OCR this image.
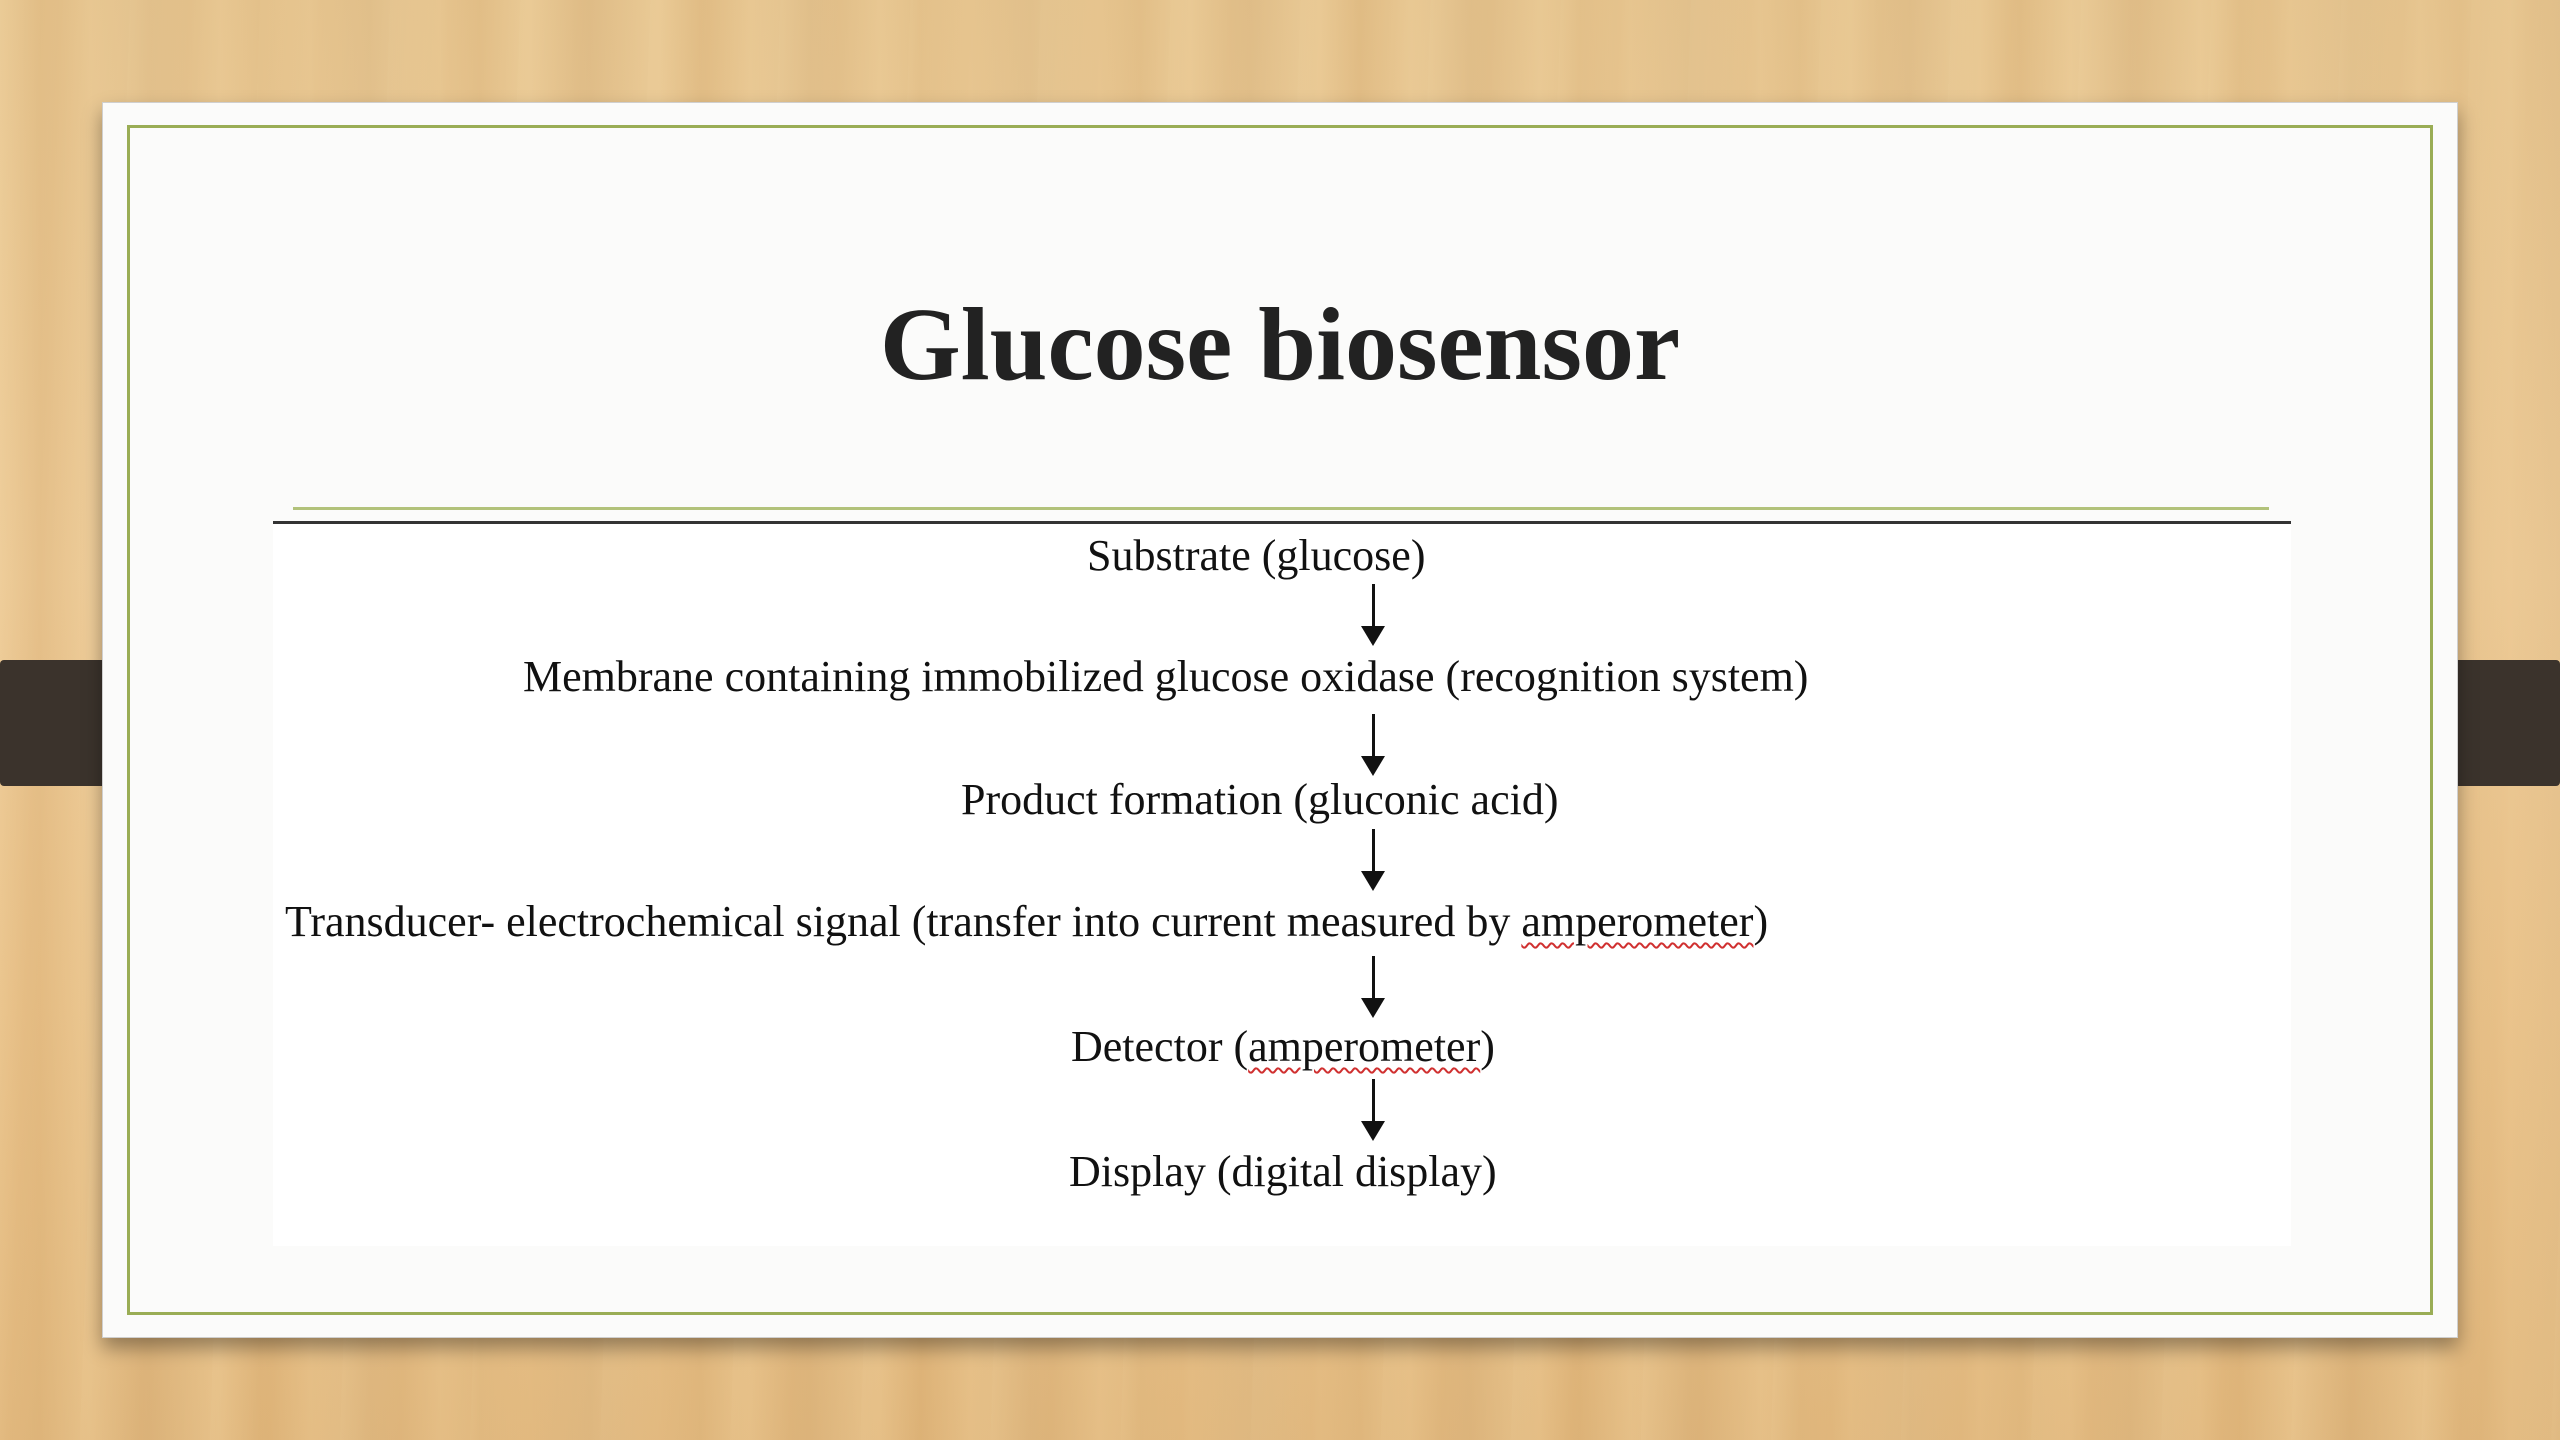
Glucose biosensor
Substrate (glucose)
Membrane containing immobilized glucose oxidase (recognition system)
Product formation (gluconic acid)
Transducer- electrochemical signal (transfer into current measured by amperometer)
Detector (amperometer)
Display (digital display)
